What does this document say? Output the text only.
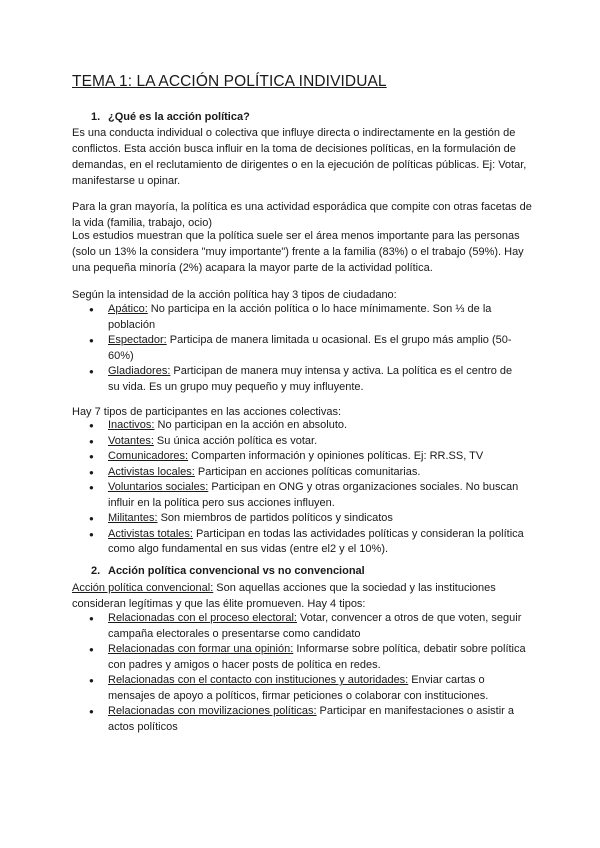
TEMA 1: LA ACCIÓN POLÍTICA INDIVIDUAL
1. ¿Qué es la acción política?
Es una conducta individual o colectiva que influye directa o indirectamente en la gestión de conflictos. Esta acción busca influir en la toma de decisiones políticas, en la formulación de demandas, en el reclutamiento de dirigentes o en la ejecución de políticas públicas. Ej: Votar, manifestarse u opinar.
Para la gran mayoría, la política es una actividad esporádica que compite con otras facetas de la vida (familia, trabajo, ocio)
Los estudios muestran que la política suele ser el área menos importante para las personas (solo un 13% la considera "muy importante") frente a la familia (83%) o el trabajo (59%). Hay una pequeña minoría (2%) acapara la mayor parte de la actividad política.
Según la intensidad de la acción política hay 3 tipos de ciudadano:
● Apático: No participa en la acción política o lo hace mínimamente. Son ⅓ de la población
● Espectador: Participa de manera limitada u ocasional. Es el grupo más amplio (50-60%)
● Gladiadores: Participan de manera muy intensa y activa. La política es el centro de su vida. Es un grupo muy pequeño y muy influyente.
Hay 7 tipos de participantes en las acciones colectivas:
● Inactivos: No participan en la acción en absoluto.
● Votantes: Su única acción política es votar.
● Comunicadores: Comparten información y opiniones políticas. Ej: RR.SS, TV
● Activistas locales: Participan en acciones políticas comunitarias.
● Voluntarios sociales: Participan en ONG y otras organizaciones sociales. No buscan influir en la política pero sus acciones influyen.
● Militantes: Son miembros de partidos políticos y sindicatos
● Activistas totales: Participan en todas las actividades políticas y consideran la política como algo fundamental en sus vidas (entre el2 y el 10%).
2. Acción política convencional vs no convencional
Acción política convencional: Son aquellas acciones que la sociedad y las instituciones consideran legítimas y que las élite promueven. Hay 4 tipos:
● Relacionadas con el proceso electoral: Votar, convencer a otros de que voten, seguir campaña electorales o presentarse como candidato
● Relacionadas con formar una opinión: Informarse sobre política, debatir sobre política con padres y amigos o hacer posts de política en redes.
● Relacionadas con el contacto con instituciones y autoridades: Enviar cartas o mensajes de apoyo a políticos, firmar peticiones o colaborar con instituciones.
● Relacionadas con movilizaciones políticas: Participar en manifestaciones o asistir a actos políticos
